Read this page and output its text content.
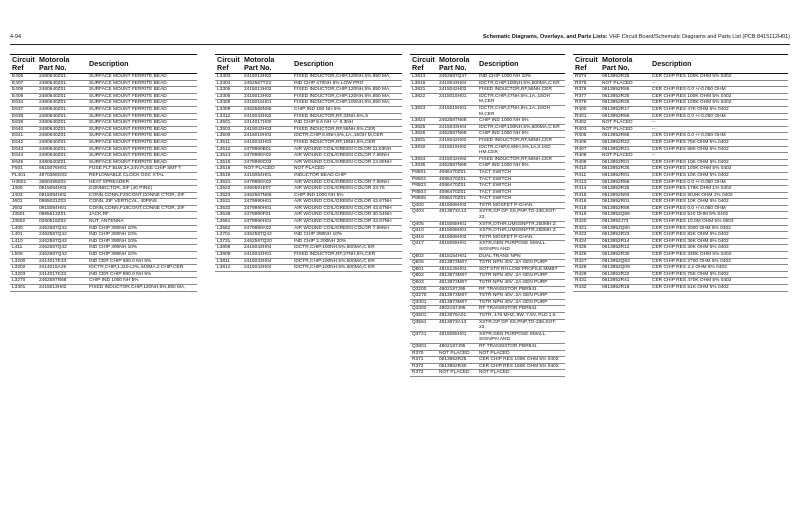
4-94	Schematic Diagrams, Overlays, and Parts Lists: VHF Circuit Board/Schematic Diagrams and Parts List (PCB 8415112H01)
Circuit Ref	Motorola Part No.	Description
E406	2480640Z01	SURFACE MOUNT FERRITE BEAD
E407	2480640Z01	SURFACE MOUNT FERRITE BEAD
E408	2480640Z01	SURFACE MOUNT FERRITE BEAD
E409	2480640Z01	SURFACE MOUNT FERRITE BEAD
E634	2480640Z01	SURFACE MOUNT FERRITE BEAD
E637	2480640Z01	SURFACE MOUNT FERRITE BEAD
E638	2480640Z01	SURFACE MOUNT FERRITE BEAD
E639	2480640Z01	SURFACE MOUNT FERRITE BEAD
E640	2480640Z01	SURFACE MOUNT FERRITE BEAD
E641	2480640Z01	SURFACE MOUNT FERRITE BEAD
E642	2480640Z01	SURFACE MOUNT FERRITE BEAD
E643	2480640Z01	SURFACE MOUNT FERRITE BEAD
E644	2480640Z01	SURFACE MOUNT FERRITE BEAD
E645	2480640Z01	SURFACE MOUNT FERRITE BEAD
F501	6515076H01	FUSE FLT BLW,3A,24V,FUSE CHIP SMT T
FL401	4870368G02	REFLOWABLE CLOCK OSC XTAL
H3501	2680499Z02	HEAT SPREADER
J400	0915084H03	CONNECTOR, ZIF (40 PINS)
J403	0915084H02	CONN,CONN,F20CONT,CONNE CTOR, ZIF
J601	0985021Z03	CONN, ZIF VERTICAL, 40PINS
J602	0915084H01	CONN,CONN,F18CONT,CONNE CTOR, ZIF
J3501	0985613Z01	JACK,RF
J3502	0280516Z02	NUT, ANTENNA
L400	2462587Q42	IND CHIP 390NH 10%
L401	2462587Q42	IND CHIP 390NH 10%
L410	2462587Q42	IND CHIP 390NH 10%
L411	2462587Q42	IND CHIP 390NH 10%
L505	2462587Q42	IND CHIP 390NH 10%
L3200	2414017K33	IND CER CHIP 680.0 NH 5%
L3202	2414015A25	IDCTR,CHIP,1.2UH,2%,440MA,2 CHIP,CER
L3203	2414017K33	IND CER CHIP 680.0 NH 5%
L3270	2462587N68	CHIP IND 1000 NH 5%
L3301	2415013H02	FIXED INDUCTOR,CHIP,120NH,5%,850 MA,
Circuit Ref	Motorola Part No.	Description
L3303	2415013H02	FIXED INDUCTOR,CHIP,120NH,5%,850 MA,
L3304	2462567T23	IND CHIP 470NH 5% LOW PRO
L3305	2415013H02	FIXED INDUCTOR,CHIP,120NH,5%,850 MA,
L3306	2415013H02	FIXED INDUCTOR,CHIP,120NH,5%,850 MA,
L3308	2415015H01	FIXED INDUCTOR,CHIP,100NH,5%,850 MA,
L3309	2462565N55	CHIP IND 150 NH 5%
L3312	2415043H02	FIXED INDUCTOR,RF,33NH,5%,S
L3501	2414017H00	IND CHIP 5.6 NH +/- 0.3NH
L3503	2415043H03	FIXED INDUCTOR,RF,56NH,5%,CER
L3506	2415019H02	IDCTR,CHIP,6.8NH,5%,1A.,16OH M,CER
L3511	2415042H03	FIXED INDUCTOR,RF,18NH,5%,CER
L3512	2479990B01	AIR WOUND COIL/GREEN COLOR 11.03NH
L3513	2479990A02	AIR WOUND COIL/GREEN COLOR 7.66NH
L3515	2479990C03	AIR WOUND COIL/GREEN COLOR 13.85NH
L3518	NOT PLACED	NOT PLACED
L3519	2415054H01	INDUCTOR BEAD CHIP
L3521	2479990A02	AIR WOUND COIL/GREEN COLOR 7.66NH
L3522	2460591E07	AIR WOUND COIL/GREEN COLOR 23.75
L3523	2462567N68	CHIP IND 1000 NH 5%
L3531	2479990H01	AIR WOUND COIL/GREEN COLOR 43.67NH
L3532	2479990H01	AIR WOUND COIL/GREEN COLOR 43.67NH
L3538	2479990F01	AIR WOUND COIL/GREEN COLOR 30.54NH
L3561	2479990H01	AIR WOUND COIL/GREEN COLOR 43.67NH
L3562	2479990A02	AIR WOUND COIL/GREEN COLOR 7.66NH
L3701	2462587Q42	IND CHIP 390NH 10%
L3731	2462587Q20	IND CHIP 2.200NH 20%
L3808	2415043H04	IDCTR,CHIP,100NH,5%,500MA,C ER
L3809	2415043H01	FIXED INDUCTOR,RF,27NH,5%,CER
L3811	2415043H04	IDCTR,CHIP,100NH,5%,500MA,C ER
L3812	2415043H04	IDCTR,CHIP,100NH,5%,500MA,C ER
Circuit Ref	Motorola Part No.	Description
L3813	2462587Q47	IND CHIP 1000 NH 10%
L3816	2415043H04	IDCTR,CHIP,100NH,5%,500MA,C ER
L3821	2415042H02	FIXED INDUCTOR,RF,56NH,CER
L3822	2415015H01	IDCTR,CHIP,47NH,5%,1A.,16OH M,CER
L3823	2415015H01	IDCTR,CHIP,47NH,5%,1A.,16OH M,CER
L3824	2462587N68	CHIP IND 1000 NH 5%
L3825	2415043H04	IDCTR,CHIP,100NH,5%,500MA,C ER
L3826	2462587N68	CHIP IND 1000 NH 5%
L3831	2415042H02	FIXED INDUCTOR,RF,56NH,CER
L3832	2415019H02	IDCTR,CHIP,6.8NH,5%,1A,0.16O HM,CER
L3834	2415042H02	FIXED INDUCTOR,RF,56NH,CER
L3835	2462587N68	CHIP IND 1000 NH 5%
P8501	4086470Z01	TACT SWITCH
P8502	4086470Z01	TACT SWITCH
P8503	4086470Z01	TACT SWITCH
P8504	4086470Z01	TACT SWITCH
P8505	4086470Z01	TACT SWITCH
Q400	4815069H02	TSTR MOSFET P-CHAN
Q403	4813973A13	XSTR,GP GP SS,PNP,TO-236,SOT-23,
Q405	4815068H01	XSTR,OTHR,UMG5NFTR,250MH Z
Q410	4815068H01	XSTR,OTHR,UMG5NFTR,250MH Z
Q416	4815069H02	TSTR MOSFET P-CHAN
Q417	4815055H01	XSTR,GEN PURPOSE SMALL SIGN/PN AND
Q502	4815154H01	DUAL TRANS NPN
Q505	4813973M07	TSTR NPN 40V .2A GEN PURP
Q601	4815125H01	SOT STR RH LOW PROFILE MMBT
Q602	4813973M07	TSTR NPN 40V .2A GEN PURP
Q603	4813973M07	TSTR NPN 40V .2A GEN PURP
Q3200	4802197J95	RF TRANSISTOR PBR941
Q3270	4813973M07	TSTR NPN 40V .2A GEN PURP
Q3301	4813973M07	TSTR NPN 40V .2A GEN PURP
Q3302	4802197J95	RF TRANSISTOR PBR941
Q3501	4813076A01	TSTR, 175 MHZ, 8W, 7.5V, PLD 1.5
Q3561	4813973A13	XSTR,GP GP SS,PNP,TO-236,SOT-23,
Q3721	4815055H01	XSTR,GEN PURPOSE SMALL SIGN/PN AND
Q3801	4802197J95	RF TRANSISTOR PBR941
R370	NOT PLACED	NOT PLACED
R371	0613952R25	CER CHIP RES 100K OHM 5% 0402
R372	0613952R30	CER CHIP RES 160K OHM 5% 0402
R373	NOT PLACED	NOT PLACED
Circuit Ref	Motorola Part No.	Description
R374	0613952R25	CER CHIP RES 100K OHM 5% 0402
R375	NOT PLACED	--
R376	0613952R66	CER CHIP RES 0.0 +/-0.050 OHM
R377	0613952R25	CER CHIP RES 100K OHM 5% 0402
R378	0613952R25	CER CHIP RES 100K OHM 5% 0402
R400	0613952R17	CER CHIP RES 47K OHM 5% 0402
R401	0613952R66	CER CHIP RES 0.0 +/-0.050 OHM
R402	NOT PLACED	--
R403	NOT PLACED	--
R405	0613952R66	CER CHIP RES 0.0 +/-0.050 OHM
R406	0613952R22	CER CHIP RES 75K OHM 5% 0402
R407	0613952R21	CER CHIP RES 68K OHM 5% 0402
R408	NOT PLACED	--
R409	0613952R01	CER CHIP RES 10K OHM 5% 0402
R410	0613952R25	CER CHIP RES 100K OHM 5% 0402
R411	0613952R01	CER CHIP RES 10K OHM 5% 0402
R413	0613952R66	CER CHIP RES 0.0 +/-0.050 OHM
R414	0613952R25	CER CHIP RES 178K OHM 1% 0402
R415	0613952N93	CER CHIP RES 90.9K OHM 1% 0402
R416	0613952R01	CER CHIP RES 10K OHM 5% 0402
R418	0613952R66	CER CHIP RES 0.0 +/-0.050 OHM
R419	0613952Q66	CER CHIP RES 510 OHM 5% 0402
R420	0613952J73	CER CHIP RES 10.0M OHM 5% 0603
R421	0613952Q80	CER CHIP RES 2000 OHM 5% 0402
R423	0613952R23	CER CHIP RES 82K OHM 5% 0402
R424	0613952R14	CER CHIP RES 36K OHM 5% 0402
R425	0613952R12	CER CHIP RES 30K OHM 5% 0402
R426	0613952R30	CER CHIP RES 330K OHM 5% 0402
R427	0613952Q83	CER CHIP RES 2700 OHM 5% 0402
R428	0613952Q09	CER CHIP RES 2.2 OHM 5% 0402
R429	0613952R22	CER CHIP RES 75K OHM 5% 0402
R431	0613952R41	CER CHIP RES 470K OHM 5% 0402
R432	0613952R18	CER CHIP RES 51K OHM 5% 0402
